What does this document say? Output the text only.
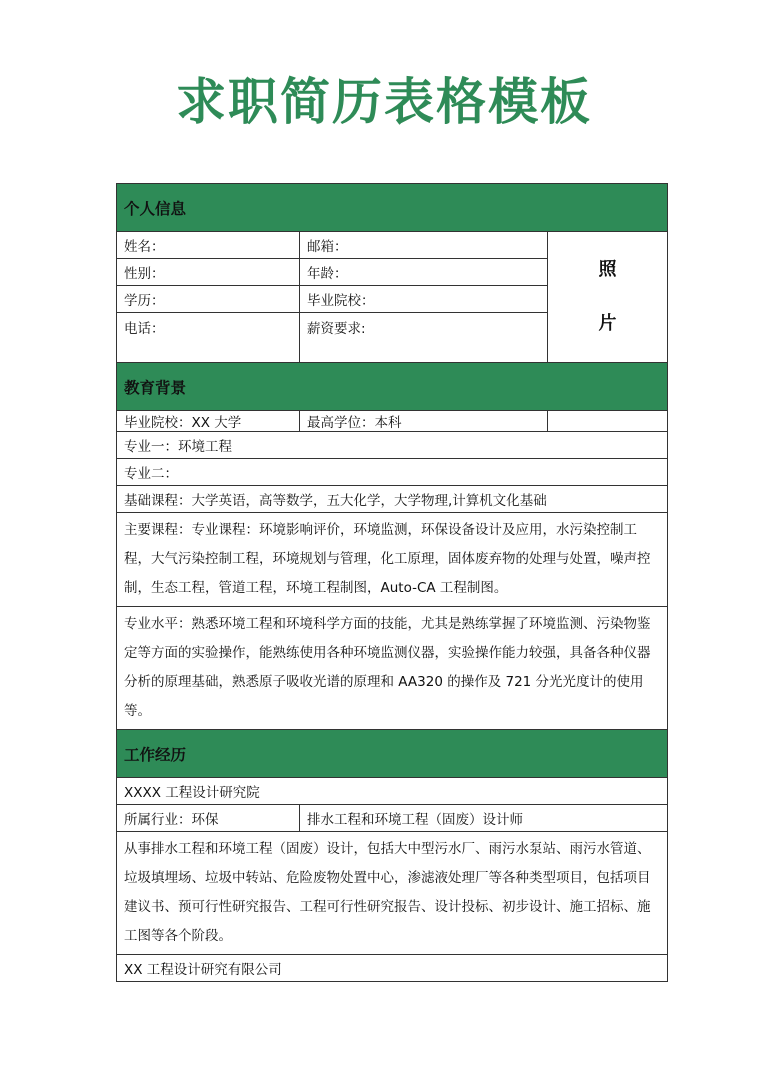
求职简历表格模板
个人信息		
姓名：	邮箱：	照
片

性别：	年龄：	
学历：	毕业院校：	
电话：	薪资要求:	
教育背景		
毕业院校：XX 大学	最高学位：本科	
专业一：环境工程		
专业二：		
基础课程：大学英语，高等数学，五大化学，大学物理,计算机文化基础		
主要课程：专业课程：环境影响评价，环境监测，环保设备设计及应用，水污染控制工程，大气污染控制工程，环境规划与管理，化工原理，固体废弃物的处理与处置，噪声控制，生态工程，管道工程，环境工程制图，Auto-CA 工程制图。		
专业水平：熟悉环境工程和环境科学方面的技能，尤其是熟练掌握了环境监测、污染物鉴定等方面的实验操作，能熟练使用各种环境监测仪器，实验操作能力较强，具备各种仪器分析的原理基础，熟悉原子吸收光谱的原理和 AA320 的操作及 721 分光光度计的使用等。		
工作经历		
XXXX 工程设计研究院		
所属行业：环保	排水工程和环境工程（固废）设计师	
从事排水工程和环境工程（固废）设计，包括大中型污水厂、雨污水泵站、雨污水管道、垃圾填埋场、垃圾中转站、危险废物处置中心，渗滤液处理厂等各种类型项目，包括项目建议书、预可行性研究报告、工程可行性研究报告、设计投标、初步设计、施工招标、施工图等各个阶段。		
XX 工程设计研究有限公司		
